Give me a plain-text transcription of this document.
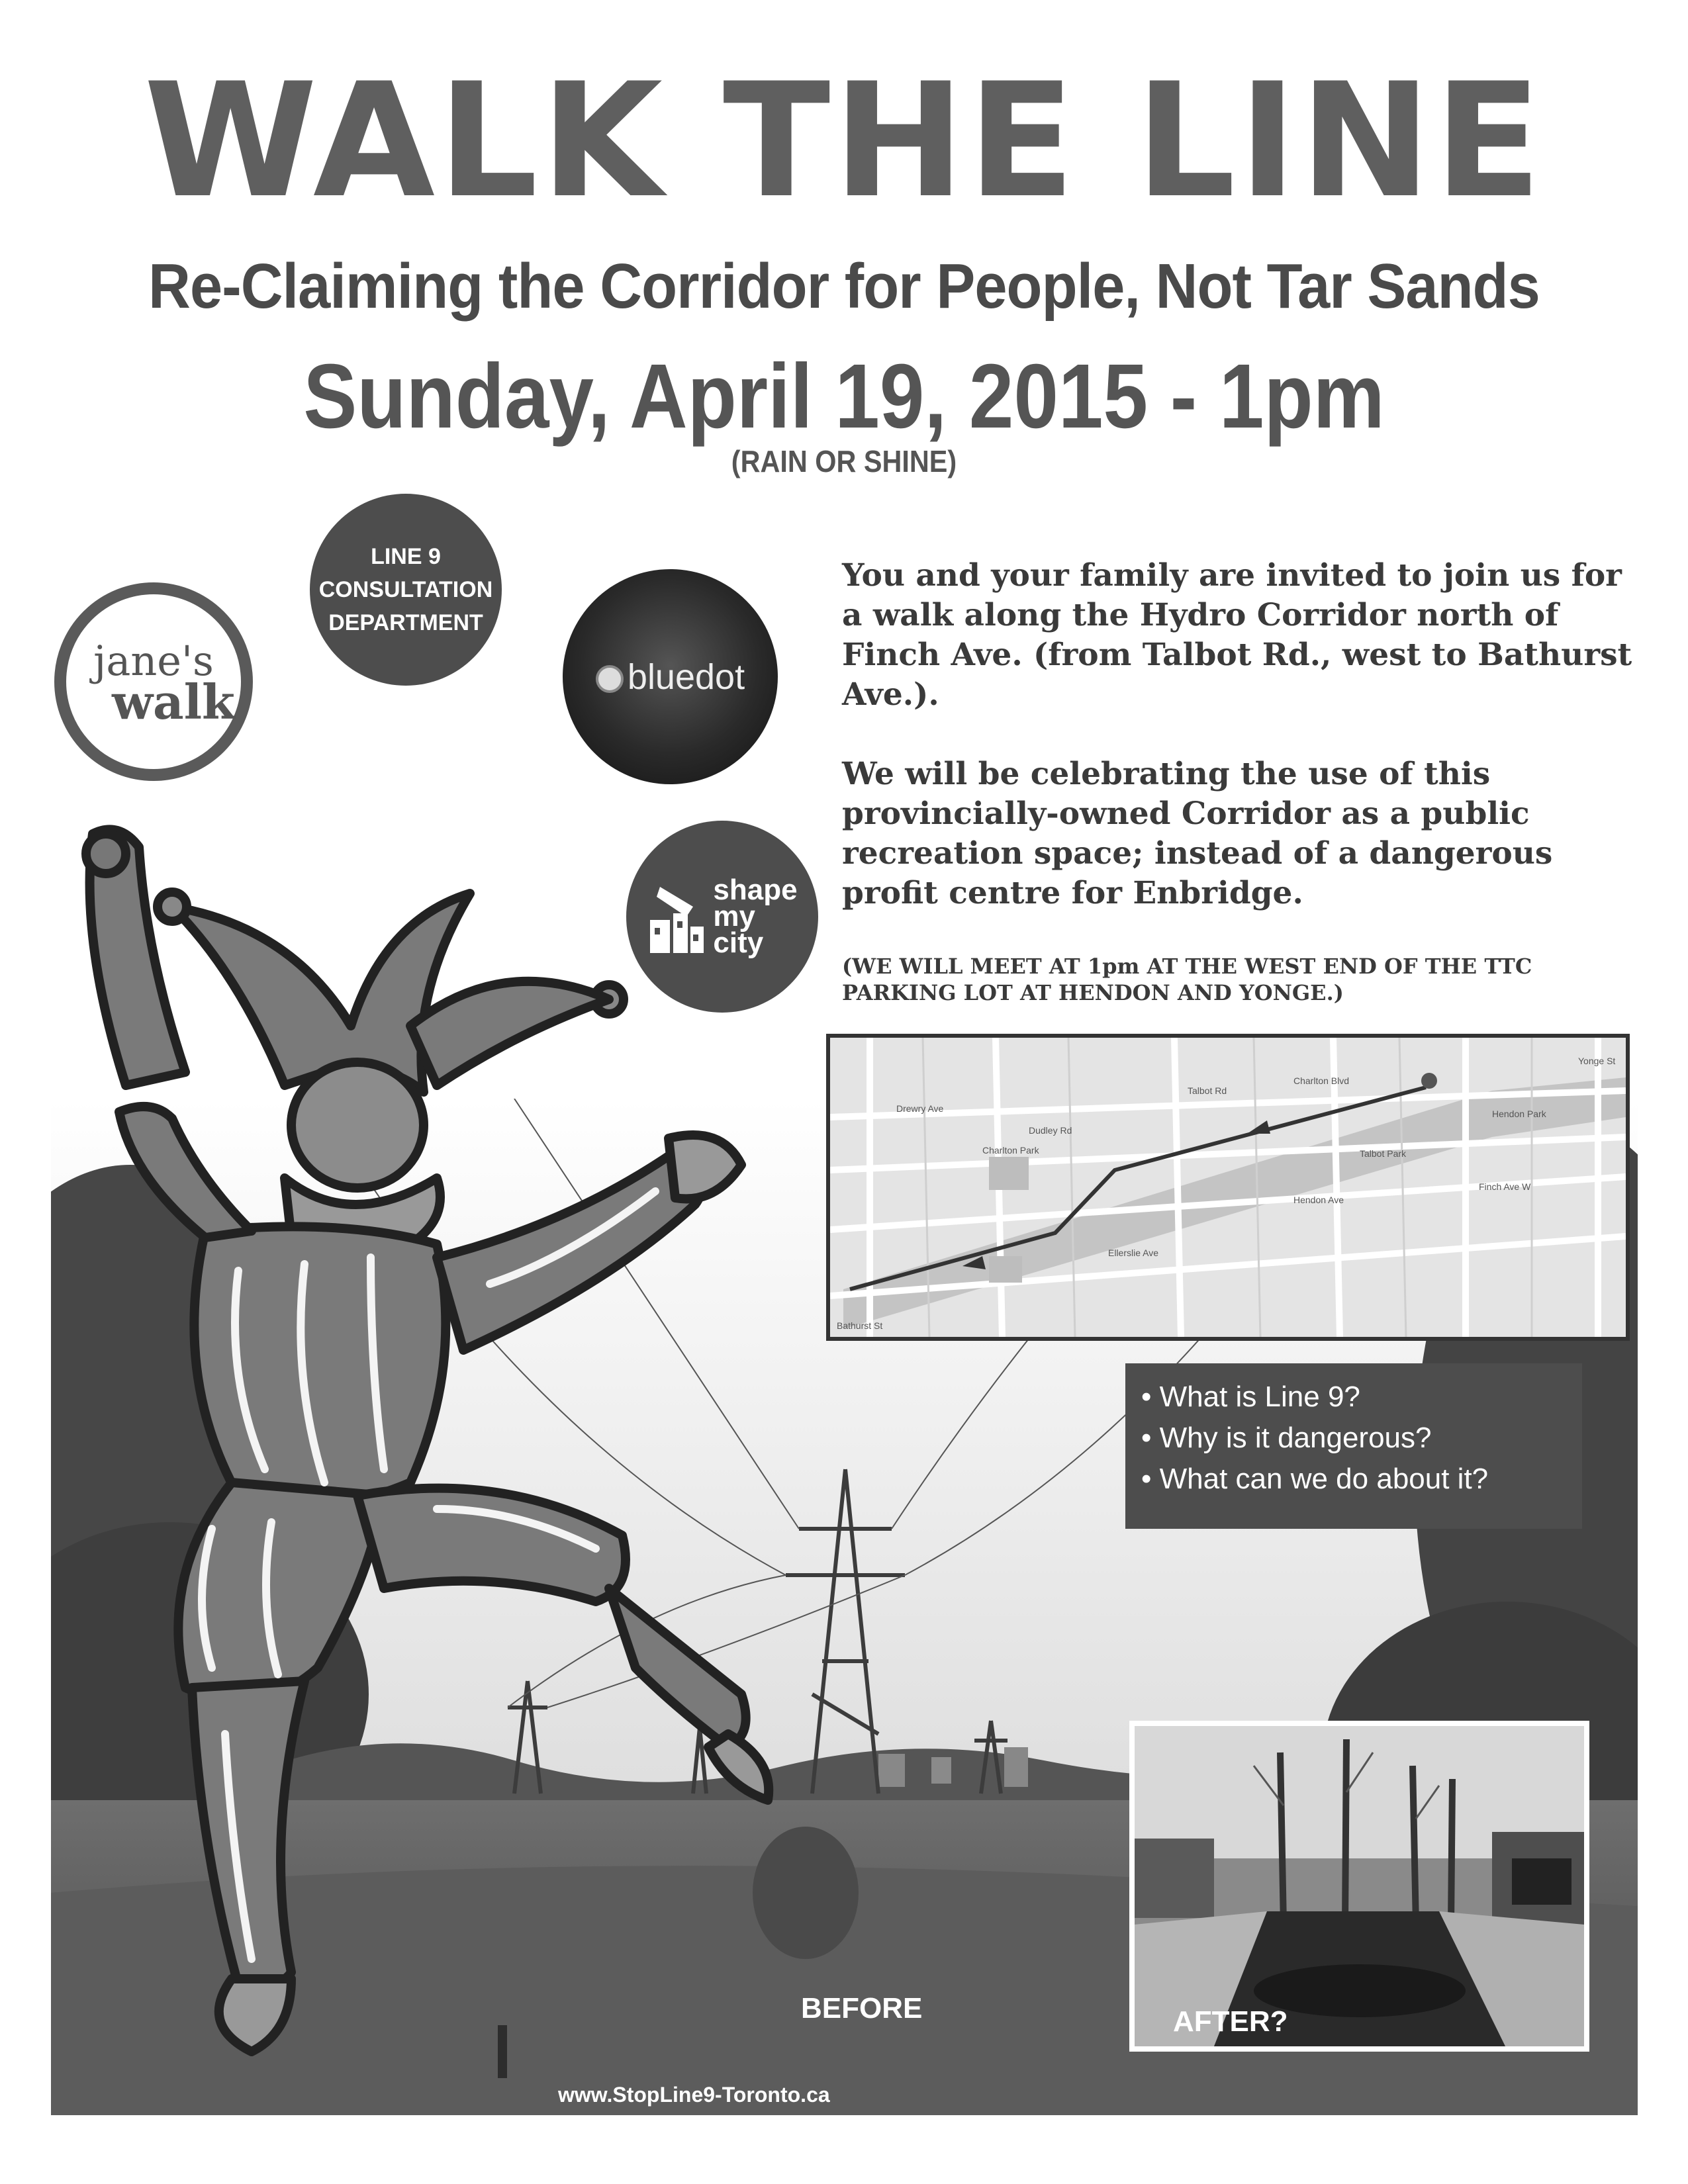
WALK THE LINE
Re-Claiming the Corridor for People, Not Tar Sands
Sunday, April 19, 2015 - 1pm
(RAIN OR SHINE)
LINE 9
CONSULTATION
DEPARTMENT
jane's
walk	bluedot
shape
my
city

You and your family are invited to join us for a walk along the Hydro Corridor north of Finch Ave. (from Talbot Rd., west to Bathurst Ave.).

We will be celebrating the use of this provincially-owned Corridor as a public recreation space; instead of a dangerous profit centre for Enbridge.

(WE WILL MEET AT 1pm AT THE WEST END OF THE TTC PARKING LOT AT HENDON AND YONGE.)
Drewry Ave
Dudley Rd
Talbot Rd
Charlton Blvd
Hendon Ave
Finch Ave W
Bathurst St
Yonge St
Ellerslie Ave
Talbot Park
Charlton Park
Hendon Park
• What is Line 9?
• Why is it dangerous?
• What can we do about it?
BEFORE	AFTER?
www.StopLine9-Toronto.ca
